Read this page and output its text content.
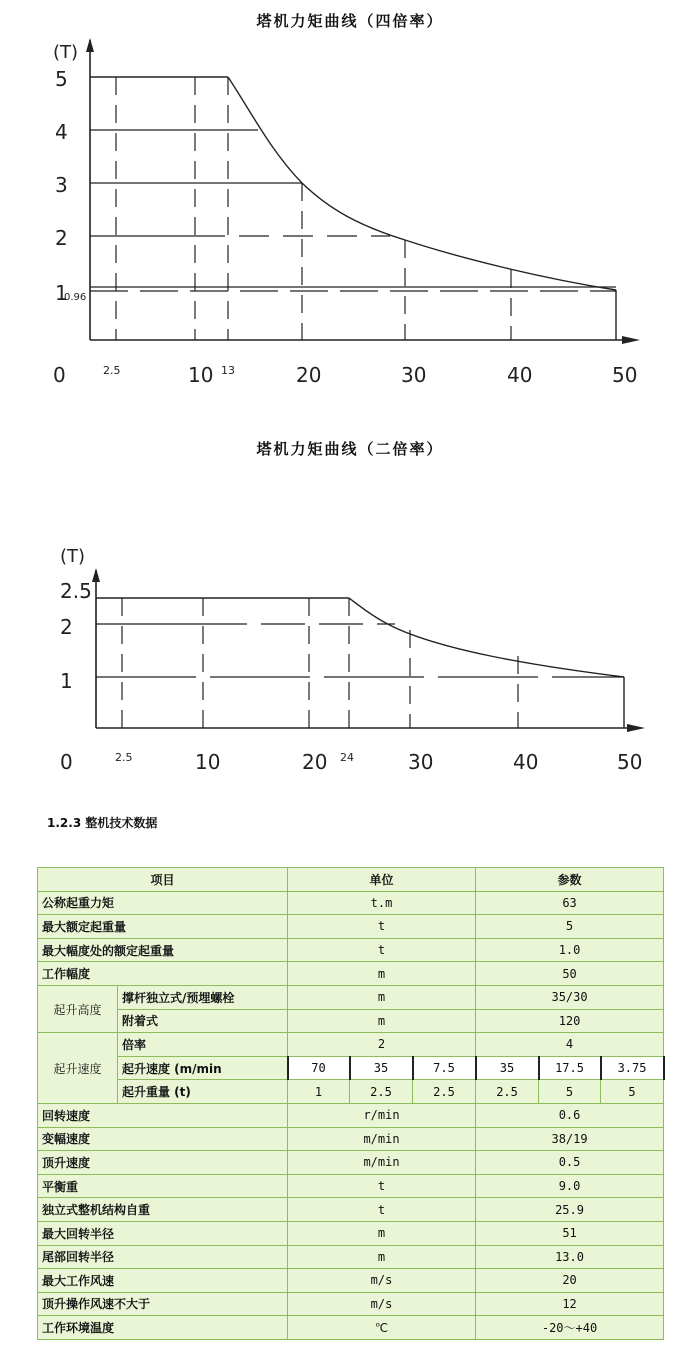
塔机力矩曲线（四倍率）
(T)
5
4
3
2
1
0.96
0	2.5	10 13	20	30	40	50
塔机力矩曲线（二倍率）
(T)
2.5
2
1
0	2.5	10	20 24	30	40	50
1.2.3 整机技术数据
项目		单位			参数		
公称起重力矩		t.m			63		
最大额定起重量		t			5		
最大幅度处的额定起重量		t			1.0		
工作幅度		m			50		
起升高度	撑杆独立式/预埋螺栓	m			35/30		
	附着式	m			120		
起升速度	倍率	2			4		
	起升速度 (m/min	70	35	7.5	35	17.5	3.75
	起升重量 (t)	1	2.5	2.5	2.5	5	5
回转速度		r/min			0.6		
变幅速度		m/min			38/19		
顶升速度		m/min			0.5		
平衡重		t			9.0		
独立式整机结构自重		t			25.9		
最大回转半径		m			51		
尾部回转半径		m			13.0		
最大工作风速		m/s			20		
顶升操作风速不大于		m/s			12		
工作环境温度		℃			-20～+40		
